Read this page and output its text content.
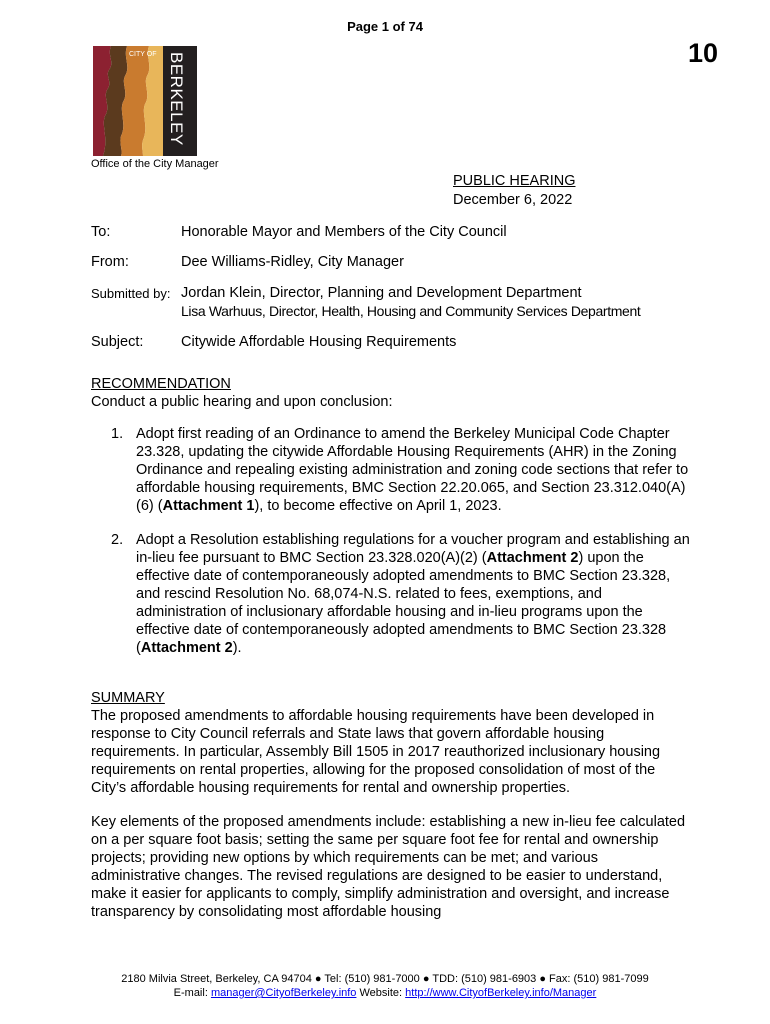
Page 1 of 74
10
CITY OF BERKELEY
Office of the City Manager
PUBLIC HEARING
December 6, 2022
To:	Honorable Mayor and Members of the City Council
From:	Dee Williams-Ridley, City Manager
Submitted by: Jordan Klein, Director, Planning and Development Department
Lisa Warhuus, Director, Health, Housing and Community Services Department
Subject:	Citywide Affordable Housing Requirements
RECOMMENDATION
Conduct a public hearing and upon conclusion:
1. Adopt first reading of an Ordinance to amend the Berkeley Municipal Code Chapter 23.328, updating the citywide Affordable Housing Requirements (AHR) in the Zoning Ordinance and repealing existing administration and zoning code sections that refer to affordable housing requirements, BMC Section 22.20.065, and Section 23.312.040(A)(6) (Attachment 1), to become effective on April 1, 2023.
2. Adopt a Resolution establishing regulations for a voucher program and establishing an in-lieu fee pursuant to BMC Section 23.328.020(A)(2) (Attachment 2) upon the effective date of contemporaneously adopted amendments to BMC Section 23.328, and rescind Resolution No. 68,074-N.S. related to fees, exemptions, and administration of inclusionary affordable housing and in-lieu programs upon the effective date of contemporaneously adopted amendments to BMC Section 23.328 (Attachment 2).
SUMMARY

The proposed amendments to affordable housing requirements have been developed in response to City Council referrals and State laws that govern affordable housing requirements. In particular, Assembly Bill 1505 in 2017 reauthorized inclusionary housing requirements on rental properties, allowing for the proposed consolidation of most of the City’s affordable housing requirements for rental and ownership properties.

Key elements of the proposed amendments include: establishing a new in-lieu fee calculated on a per square foot basis; setting the same per square foot fee for rental and ownership projects; providing new options by which requirements can be met; and various administrative changes. The revised regulations are designed to be easier to understand, make it easier for applicants to comply, simplify administration and oversight, and increase transparency by consolidating most affordable housing

2180 Milvia Street, Berkeley, CA 94704 ● Tel: (510) 981-7000 ● TDD: (510) 981-6903 ● Fax: (510) 981-7099
E-mail: manager@CityofBerkeley.info Website: http://www.CityofBerkeley.info/Manager
